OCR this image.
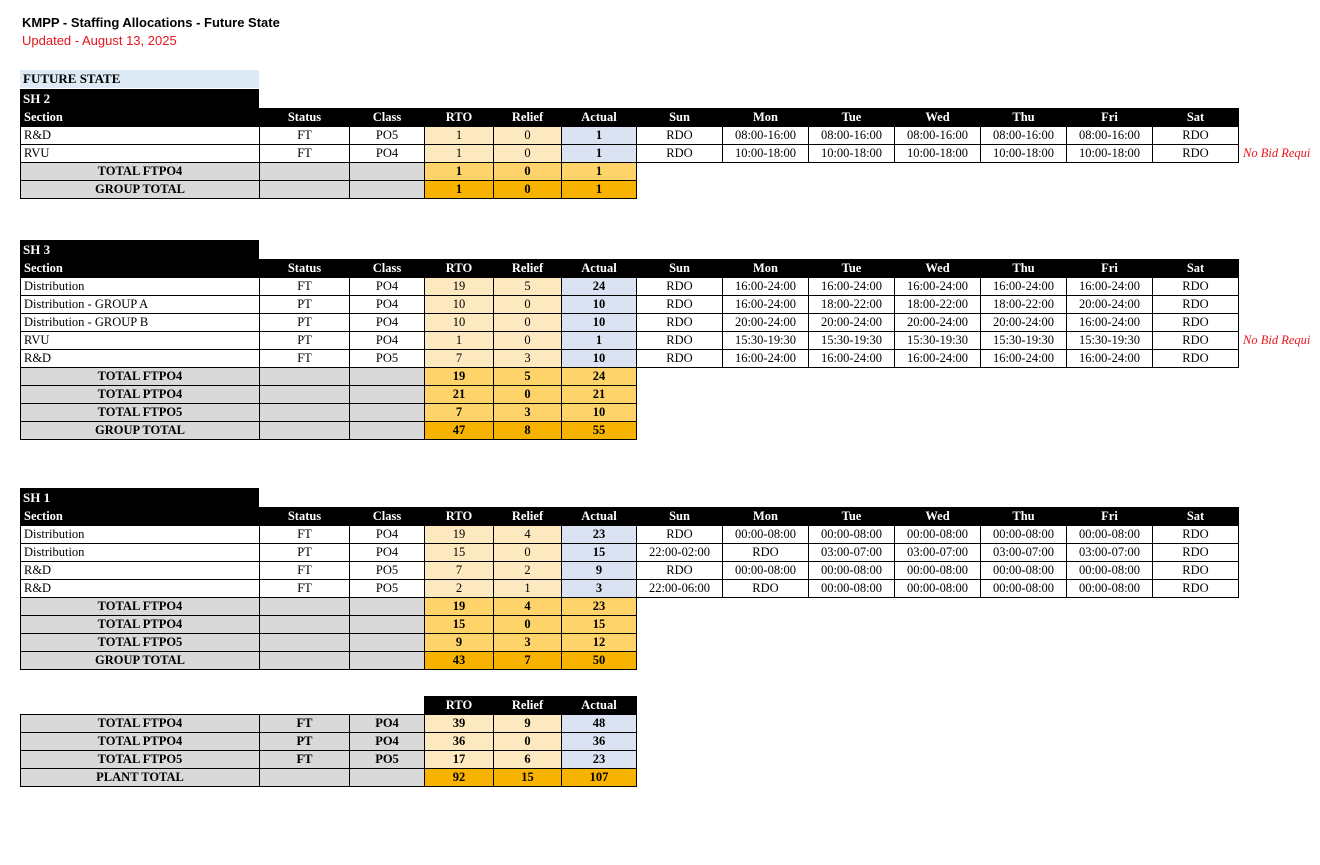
KMPP - Staffing Allocations - Future State
Updated - August 13, 2025
FUTURE STATE
SH 2
Section	Status	Class	RTO	Relief	Actual	Sun	Mon	Tue	Wed	Thu	Fri	Sat	
R&D	FT	PO5	1	0	1	RDO	08:00-16:00	08:00-16:00	08:00-16:00	08:00-16:00	08:00-16:00	RDO	
RVU	FT	PO4	1	0	1	RDO	10:00-18:00	10:00-18:00	10:00-18:00	10:00-18:00	10:00-18:00	RDO	No Bid Requi
TOTAL FTPO4			1	0	1								
GROUP TOTAL			1	0	1								
SH 3
Section	Status	Class	RTO	Relief	Actual	Sun	Mon	Tue	Wed	Thu	Fri	Sat	
Distribution	FT	PO4	19	5	24	RDO	16:00-24:00	16:00-24:00	16:00-24:00	16:00-24:00	16:00-24:00	RDO	
Distribution - GROUP A	PT	PO4	10	0	10	RDO	16:00-24:00	18:00-22:00	18:00-22:00	18:00-22:00	20:00-24:00	RDO	
Distribution - GROUP B	PT	PO4	10	0	10	RDO	20:00-24:00	20:00-24:00	20:00-24:00	20:00-24:00	16:00-24:00	RDO	
RVU	PT	PO4	1	0	1	RDO	15:30-19:30	15:30-19:30	15:30-19:30	15:30-19:30	15:30-19:30	RDO	No Bid Requi
R&D	FT	PO5	7	3	10	RDO	16:00-24:00	16:00-24:00	16:00-24:00	16:00-24:00	16:00-24:00	RDO	
TOTAL FTPO4			19	5	24								
TOTAL PTPO4			21	0	21								
TOTAL FTPO5			7	3	10								
GROUP TOTAL			47	8	55								
SH 1
Section	Status	Class	RTO	Relief	Actual	Sun	Mon	Tue	Wed	Thu	Fri	Sat	
Distribution	FT	PO4	19	4	23	RDO	00:00-08:00	00:00-08:00	00:00-08:00	00:00-08:00	00:00-08:00	RDO	
Distribution	PT	PO4	15	0	15	22:00-02:00	RDO	03:00-07:00	03:00-07:00	03:00-07:00	03:00-07:00	RDO	
R&D	FT	PO5	7	2	9	RDO	00:00-08:00	00:00-08:00	00:00-08:00	00:00-08:00	00:00-08:00	RDO	
R&D	FT	PO5	2	1	3	22:00-06:00	RDO	00:00-08:00	00:00-08:00	00:00-08:00	00:00-08:00	RDO	
TOTAL FTPO4			19	4	23								
TOTAL PTPO4			15	0	15								
TOTAL FTPO5			9	3	12								
GROUP TOTAL			43	7	50								
			RTO	Relief	Actual
TOTAL FTPO4	FT	PO4	39	9	48
TOTAL PTPO4	PT	PO4	36	0	36
TOTAL FTPO5	FT	PO5	17	6	23
PLANT TOTAL			92	15	107
